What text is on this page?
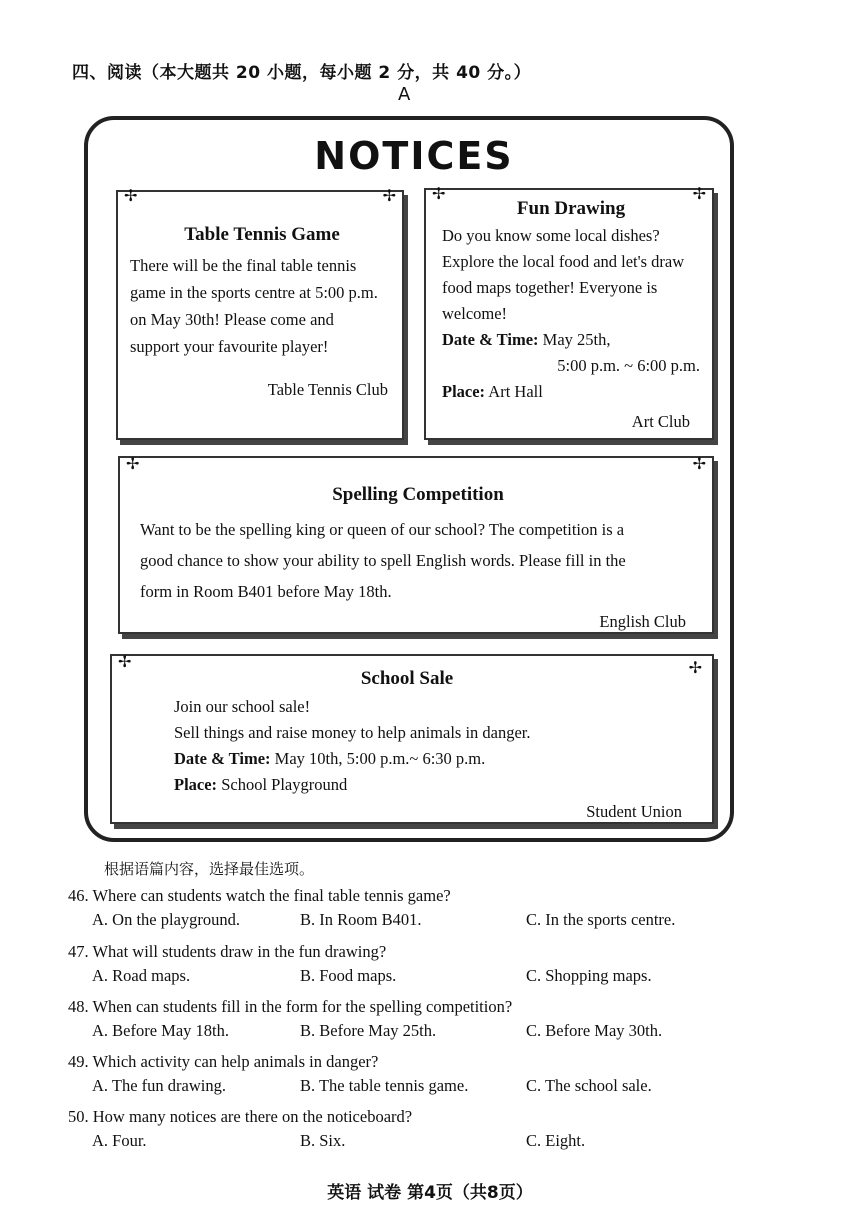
四、阅读（本大题共 20 小题，每小题 2 分，共 40 分。）
A
NOTICES
✢	✢
Table Tennis Game
There will be the final table tennis
game in the sports centre at 5:00 p.m.
on May 30th! Please come and
support your favourite player!
Table Tennis Club
✢	✢
Fun Drawing
Do you know some local dishes?
Explore the local food and let's draw
food maps together! Everyone is
welcome!
Date & Time: May 25th,
5:00 p.m. ~ 6:00 p.m.
Place: Art Hall
Art Club
✢	✢
Spelling Competition
Want to be the spelling king or queen of our school? The competition is a
good chance to show your ability to spell English words. Please fill in the
form in Room B401 before May 18th.
English Club
✢	✢
School Sale
Join our school sale!
Sell things and raise money to help animals in danger.
Date & Time: May 10th, 5:00 p.m.~ 6:30 p.m.
Place: School Playground
Student Union
根据语篇内容，选择最佳选项。
46. Where can students watch the final table tennis game?
A. On the playground.	B. In Room B401.	C. In the sports centre.
47. What will students draw in the fun drawing?
A. Road maps.	B. Food maps.	C. Shopping maps.
48. When can students fill in the form for the spelling competition?
A. Before May 18th.	B. Before May 25th.	C. Before May 30th.
49. Which activity can help animals in danger?
A. The fun drawing.	B. The table tennis game.	C. The school sale.
50. How many notices are there on the noticeboard?
A. Four.	B. Six.	C. Eight.
英语 试卷 第4页（共8页）
